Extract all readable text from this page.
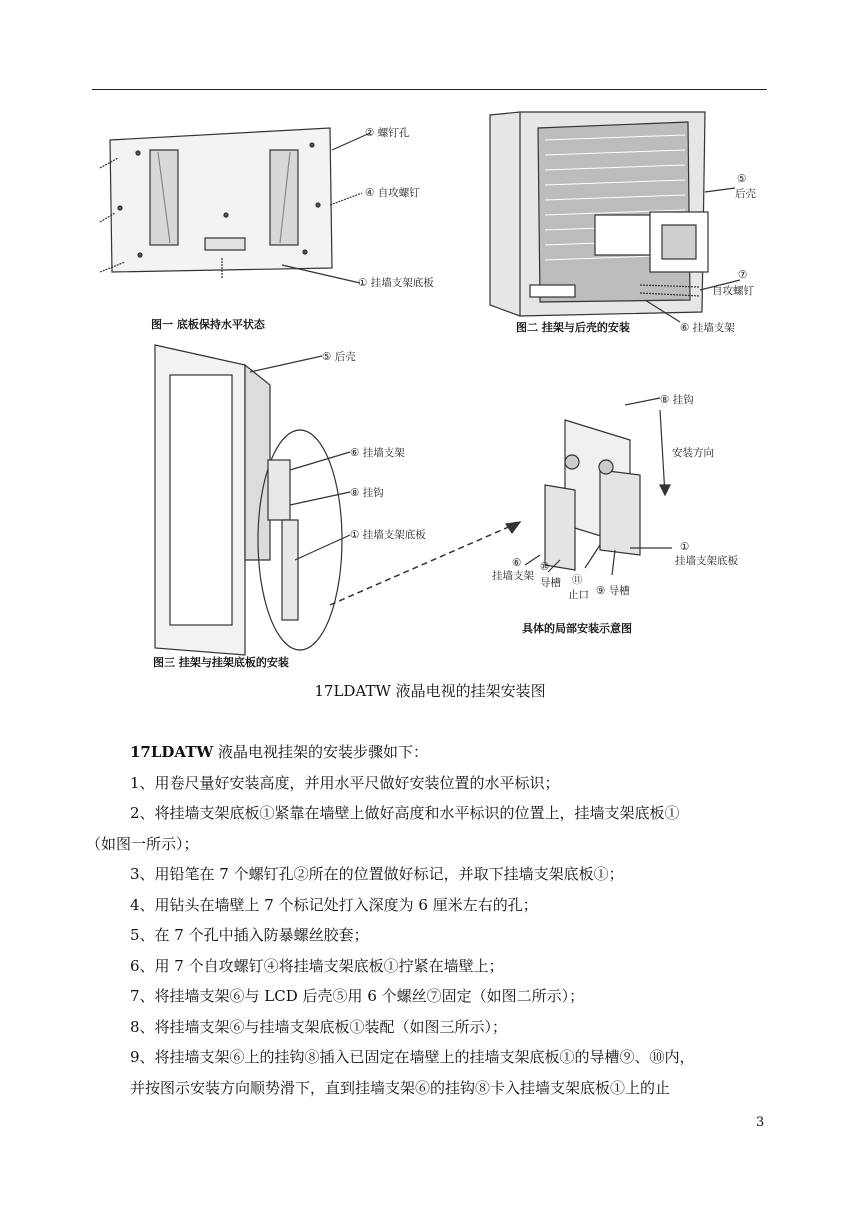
② 螺钉孔
④ 自攻螺钉
① 挂墙支架底板
图一 底板保持水平状态
⑤
后壳
⑦
自攻螺钉
⑥ 挂墙支架
图二 挂架与后壳的安装
⑤ 后壳
⑥ 挂墙支架
⑧ 挂钩
① 挂墙支架底板
图三 挂架与挂架底板的安装
⑧ 挂钩
安装方向
①
挂墙支架底板
⑥
挂墙支架
⑩
导槽 ⑪
止口 ⑨ 导槽
具体的局部安装示意图
17LDATW 液晶电视的挂架安装图

17LDATW 液晶电视挂架的安装步骤如下：

1、用卷尺量好安装高度，并用水平尺做好安装位置的水平标识；

2、将挂墙支架底板①紧靠在墙壁上做好高度和水平标识的位置上，挂墙支架底板①

（如图一所示）；

3、用铅笔在 7 个螺钉孔②所在的位置做好标记，并取下挂墙支架底板①；

4、用钻头在墙壁上 7 个标记处打入深度为 6 厘米左右的孔；

5、在 7 个孔中插入防暴螺丝胶套；

6、用 7 个自攻螺钉④将挂墙支架底板①拧紧在墙壁上；

7、将挂墙支架⑥与 LCD 后壳⑤用 6 个螺丝⑦固定（如图二所示）；

8、将挂墙支架⑥与挂墙支架底板①装配（如图三所示）；

9、将挂墙支架⑥上的挂钩⑧插入已固定在墙壁上的挂墙支架底板①的导槽⑨、⑩内，

并按图示安装方向顺势滑下，直到挂墙支架⑥的挂钩⑧卡入挂墙支架底板①上的止

3
